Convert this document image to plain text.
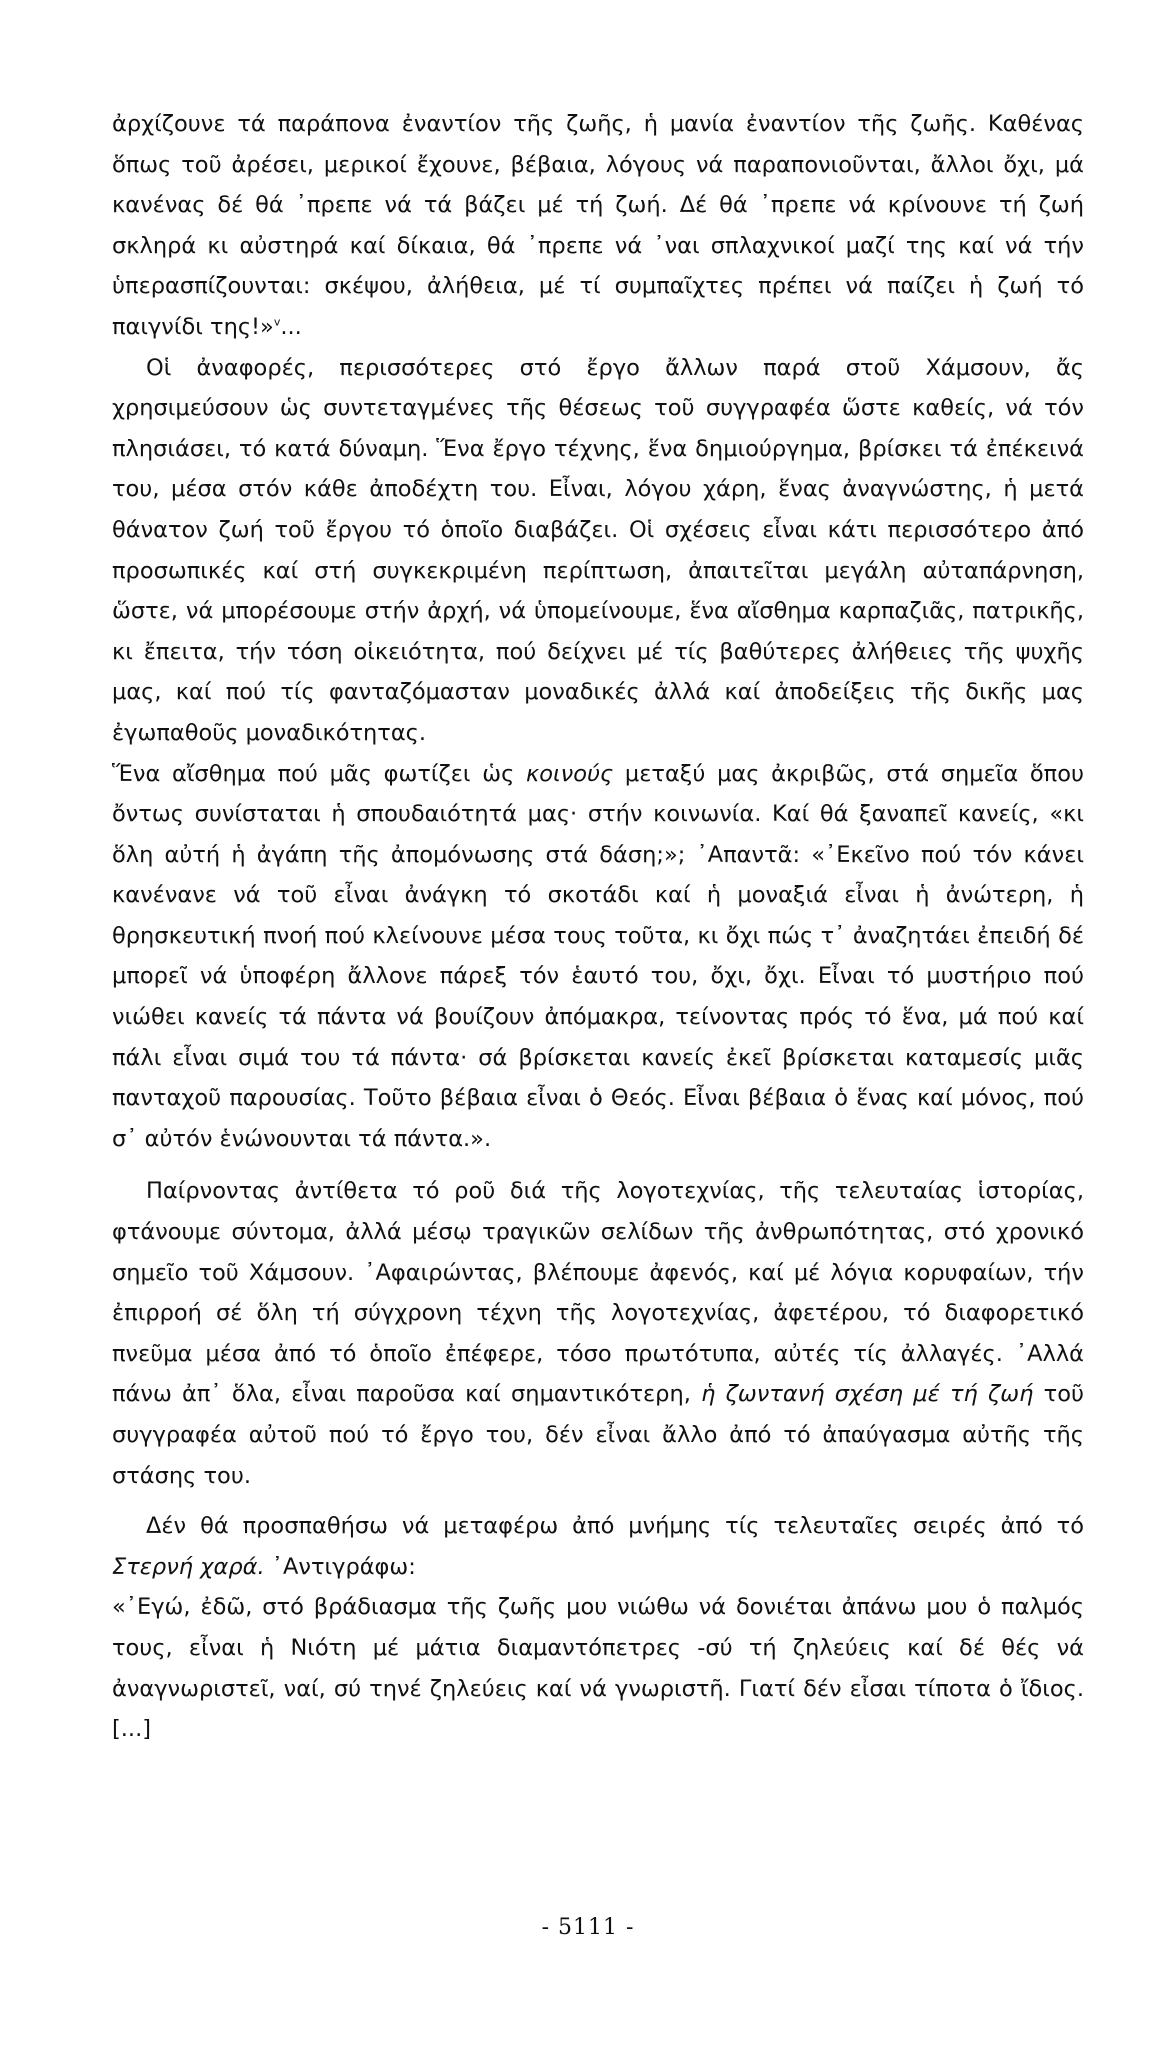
ἀρχίζουνε τά παράπονα ἐναντίον τῆς ζωῆς, ἡ μανία ἐναντίον τῆς ζωῆς. Καθένας ὅπως τοῦ ἀρέσει, μερικοί ἔχουνε, βέβαια, λόγους νά παραπονιοῦνται, ἄλλοι ὄχι, μά κανένας δέ θά ᾽πρεπε νά τά βάζει μέ τή ζωή. Δέ θά ᾽πρεπε νά κρίνουνε τή ζωή σκληρά κι αὐστηρά καί δίκαια, θά ᾽πρεπε νά ᾽ναι σπλαχνικοί μαζί της καί νά τήν ὑπερασπίζουνται: σκέψου, ἀλήθεια, μέ τί συμπαῖχτες πρέπει νά παίζει ἡ ζωή τό παιγνίδι της!»$^v$...

Οἱ ἀναφορές, περισσότερες στό ἔργο ἄλλων παρά στοῦ Χάμσουν, ἄς χρησιμεύσουν ὡς συντεταγμένες τῆς θέσεως τοῦ συγγραφέα ὥστε καθείς, νά τόν πλησιάσει, τό κατά δύναμη. Ἕνα ἔργο τέχνης, ἕνα δημιούργημα, βρίσκει τά ἐπέκεινά του, μέσα στόν κάθε ἀποδέχτη του. Εἶναι, λόγου χάρη, ἕνας ἀναγνώστης, ἡ μετά θάνατον ζωή τοῦ ἔργου τό ὁποῖο διαβάζει. Οἱ σχέσεις εἶναι κάτι περισσότερο ἀπό προσωπικές καί στή συγκεκριμένη περίπτωση, ἀπαιτεῖται μεγάλη αὐταπάρνηση, ὥστε, νά μπορέσουμε στήν ἀρχή, νά ὑπομείνουμε, ἕνα αἴσθημα καρπαζιᾶς, πατρικῆς, κι ἔπειτα, τήν τόση οἰκειότητα, πού δείχνει μέ τίς βαθύτερες ἀλήθειες τῆς ψυχῆς μας, καί πού τίς φανταζόμασταν μοναδικές ἀλλά καί ἀποδείξεις τῆς δικῆς μας ἐγωπαθοῦς μοναδικότητας.

Ἕνα αἴσθημα πού μᾶς φωτίζει ὡς κοινούς μεταξύ μας ἀκριβῶς, στά σημεῖα ὅπου ὄντως συνίσταται ἡ σπουδαιότητά μας· στήν κοινωνία. Καί θά ξαναπεῖ κανείς, «κι ὅλη αὐτή ἡ ἀγάπη τῆς ἀπομόνωσης στά δάση;»; ᾽Απαντᾶ: «᾽Εκεῖνο πού τόν κάνει κανένανε νά τοῦ εἶναι ἀνάγκη τό σκοτάδι καί ἡ μοναξιά εἶναι ἡ ἀνώτερη, ἡ θρησκευτική πνοή πού κλείνουνε μέσα τους τοῦτα, κι ὄχι πώς τ᾽ ἀναζητάει ἐπειδή δέ μπορεῖ νά ὑποφέρη ἄλλονε πάρεξ τόν ἑαυτό του, ὄχι, ὄχι. Εἶναι τό μυστήριο πού νιώθει κανείς τά πάντα νά βουίζουν ἀπόμακρα, τείνοντας πρός τό ἕνα, μά πού καί πάλι εἶναι σιμά του τά πάντα· σά βρίσκεται κανείς ἐκεῖ βρίσκεται καταμεσίς μιᾶς πανταχοῦ παρουσίας. Τοῦτο βέβαια εἶναι ὁ Θεός. Εἶναι βέβαια ὁ ἕνας καί μόνος, πού σ᾽ αὐτόν ἑνώνουνται τά πάντα.».

Παίρνοντας ἀντίθετα τό ροῦ διά τῆς λογοτεχνίας, τῆς τελευταίας ἱστορίας, φτάνουμε σύντομα, ἀλλά μέσῳ τραγικῶν σελίδων τῆς ἀνθρωπότητας, στό χρονικό σημεῖο τοῦ Χάμσουν. ᾽Αφαιρώντας, βλέπουμε ἀφενός, καί μέ λόγια κορυφαίων, τήν ἐπιρροή σέ ὅλη τή σύγχρονη τέχνη τῆς λογοτεχνίας, ἀφετέρου, τό διαφορετικό πνεῦμα μέσα ἀπό τό ὁποῖο ἐπέφερε, τόσο πρωτότυπα, αὐτές τίς ἀλλαγές. ᾽Αλλά πάνω ἀπ᾽ ὅλα, εἶναι παροῦσα καί σημαντικότερη, ἡ ζωντανή σχέση μέ τή ζωή τοῦ συγγραφέα αὐτοῦ πού τό ἔργο του, δέν εἶναι ἄλλο ἀπό τό ἀπαύγασμα αὐτῆς τῆς στάσης του.

Δέν θά προσπαθήσω νά μεταφέρω ἀπό μνήμης τίς τελευταῖες σειρές ἀπό τό Στερνή χαρά. ᾽Αντιγράφω:

«᾽Εγώ, ἐδῶ, στό βράδιασμα τῆς ζωῆς μου νιώθω νά δονιέται ἀπάνω μου ὁ παλμός τους, εἶναι ἡ Νιότη μέ μάτια διαμαντόπετρες -σύ τή ζηλεύεις καί δέ θές νά ἀναγνωριστεῖ, ναί, σύ τηνέ ζηλεύεις καί νά γνωριστῆ. Γιατί δέν εἶσαι τίποτα ὁ ἴδιος. [...]

- 5111 -
